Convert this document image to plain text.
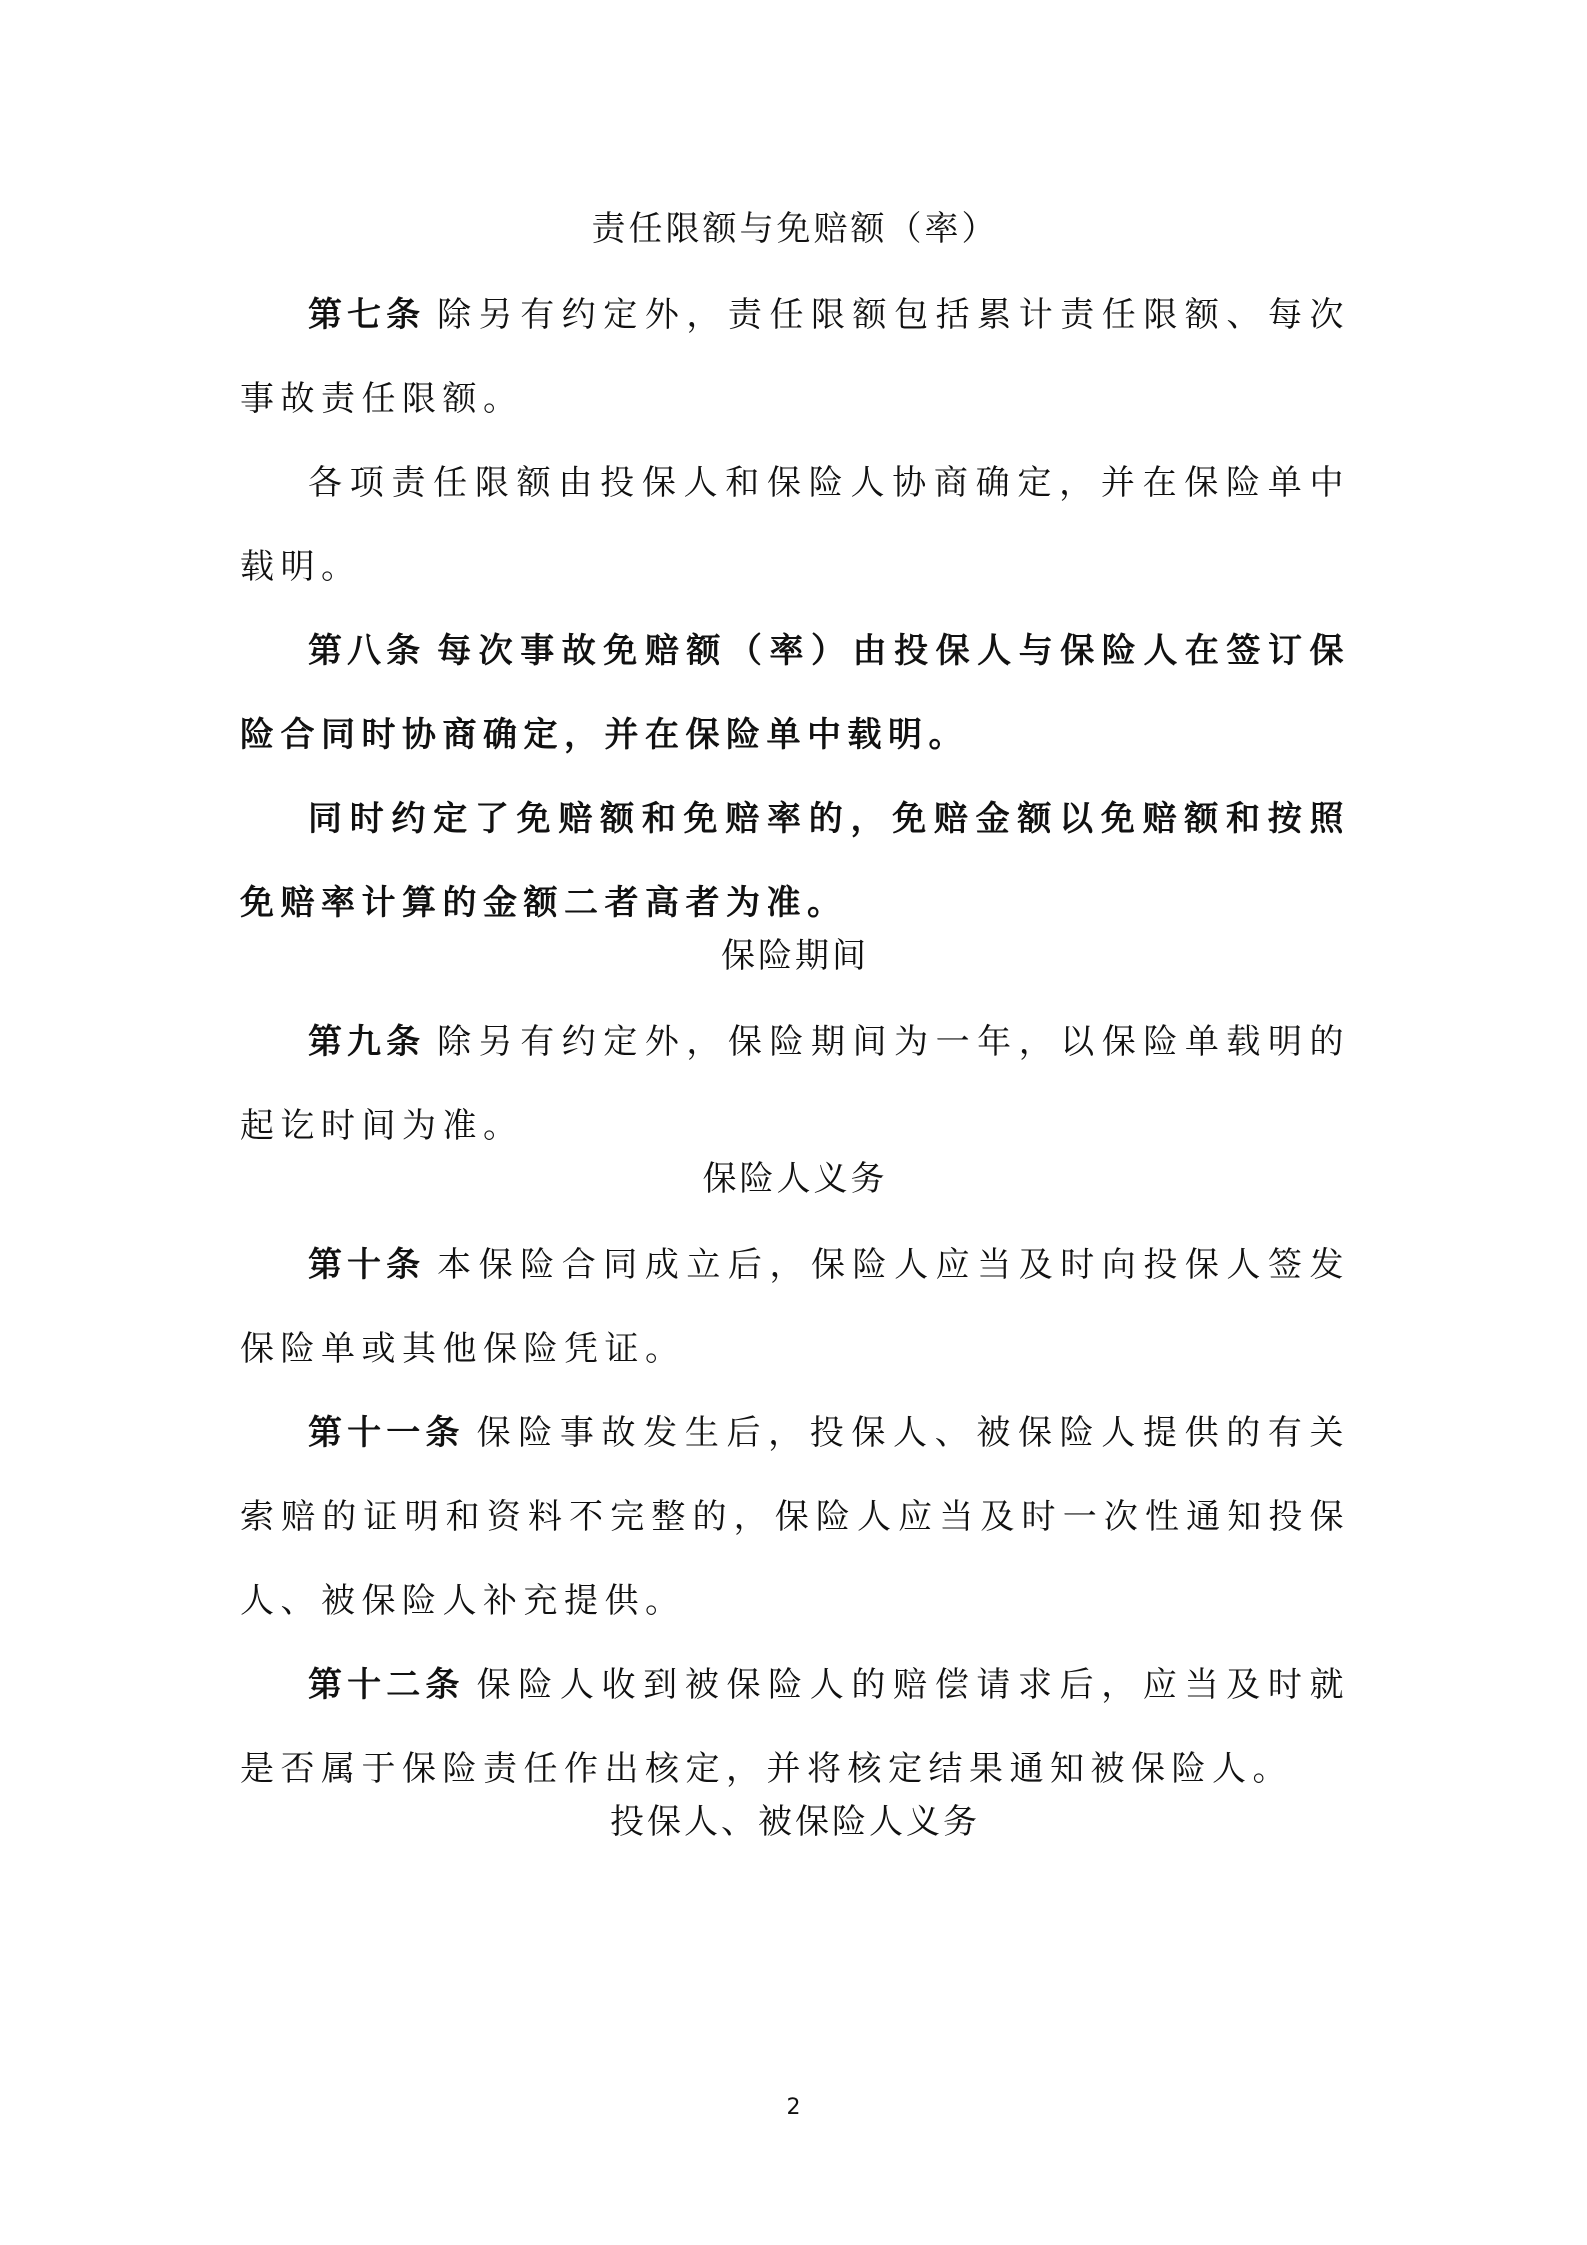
责任限额与免赔额（率）

第七条 除另有约定外，责任限额包括累计责任限额、每次事故责任限额。

各项责任限额由投保人和保险人协商确定，并在保险单中载明。

第八条 每次事故免赔额（率）由投保人与保险人在签订保险合同时协商确定，并在保险单中载明。

同时约定了免赔额和免赔率的，免赔金额以免赔额和按照免赔率计算的金额二者高者为准。

保险期间

第九条 除另有约定外，保险期间为一年，以保险单载明的起讫时间为准。

保险人义务

第十条 本保险合同成立后，保险人应当及时向投保人签发保险单或其他保险凭证。

第十一条 保险事故发生后，投保人、被保险人提供的有关索赔的证明和资料不完整的，保险人应当及时一次性通知投保人、被保险人补充提供。

第十二条 保险人收到被保险人的赔偿请求后，应当及时就是否属于保险责任作出核定，并将核定结果通知被保险人。

投保人、被保险人义务
2
